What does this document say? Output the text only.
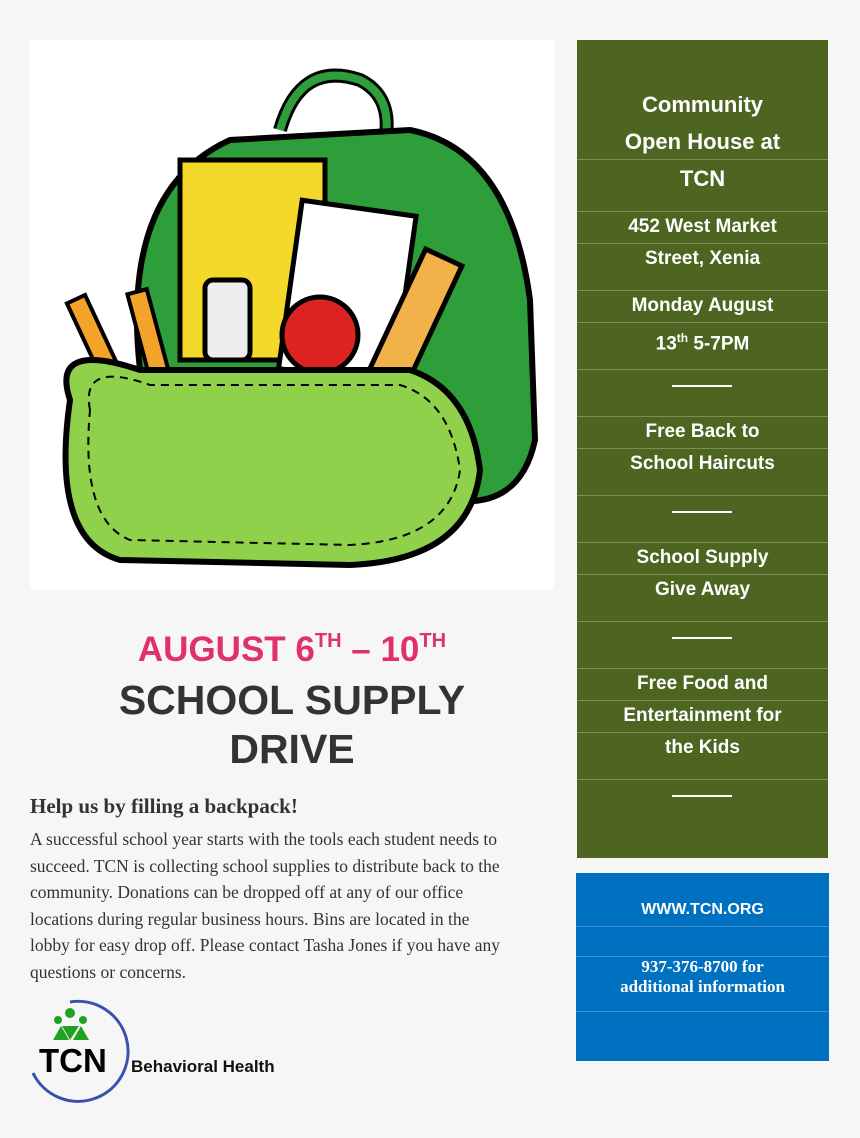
Community
Open House at
TCN
452 West Market
Street, Xenia
Monday August
13th 5-7PM
Free Back to
School Haircuts
School Supply
Give Away
Free Food and
Entertainment for
the Kids
WWW.TCN.ORG
937-376-8700 for
additional information
AUGUST 6TH – 10TH
SCHOOL SUPPLY
DRIVE
Help us by filling a backpack!
A successful school year starts with the tools each student needs to
succeed. TCN is collecting school supplies to distribute back to the
community. Donations can be dropped off at any of our office
locations during regular business hours. Bins are located in the
lobby for easy drop off. Please contact Tasha Jones if you have any
questions or concerns.
TCN Behavioral Health
